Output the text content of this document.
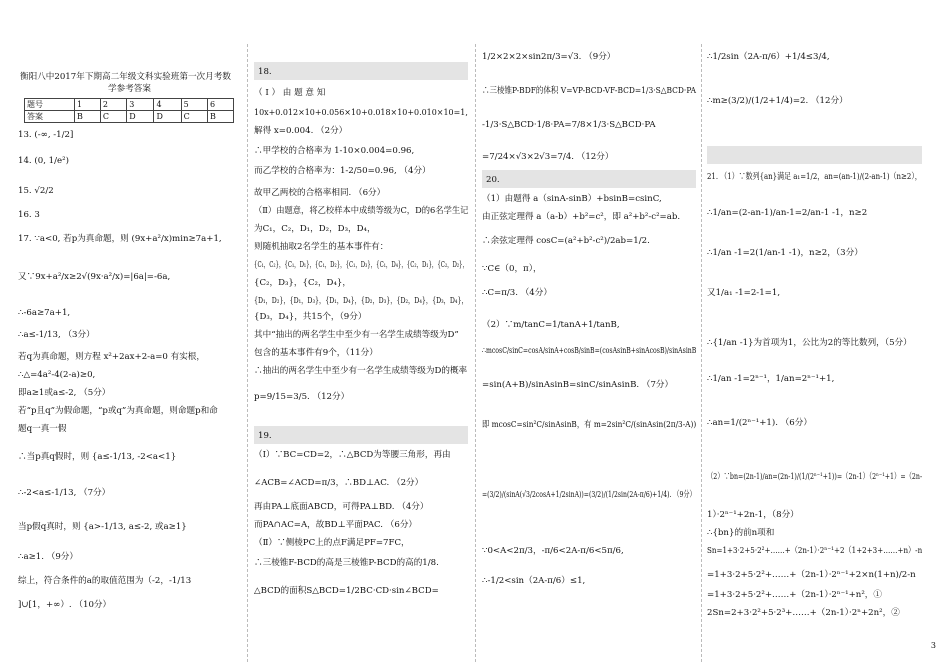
衡阳八中2017年下期高二年级文科实验班第一次月考数
学参考答案
题号	1	2	3	4	5	6
答案	B	C	D	D	C	B
13. (-∞, -1/2]
14. (0, 1/e²)
15. √2/2
16. 3
17. ∵a<0, 若p为真命题，则 (9x+a²/x)min≥7a+1,
又∵9x+a²/x≥2√(9x·a²/x)=|6a|=-6a,
∴-6a≥7a+1,
∴a≤-1/13, （3分）
若q为真命题，则方程 x²+2ax+2-a=0 有实根，
∴△=4a²-4(2-a)≥0,
即a≥1或a≤-2, （5分）
若“p且q”为假命题，“p或q”为真命题，则命题p和命
题q一真一假
∴当p真q假时，则 {a≤-1/13, -2<a<1}
∴-2<a≤-1/13, （7分）
当p假q真时，则 {a>-1/13, a≤-2, 或a≥1}
∴a≥1. （9分）
综上，符合条件的a的取值范围为（-2，-1/13
]∪[1，+∞）. （10分）
18.
（ Ⅰ ） 由 题 意 知
10x+0.012×10+0.056×10+0.018×10+0.010×10=1,
解得 x=0.004. （2分）
∴甲学校的合格率为 1-10×0.004=0.96,
而乙学校的合格率为：1-2/50=0.96, （4分）
故甲乙两校的合格率相同. （6分）
（Ⅱ）由题意，将乙校样本中成绩等级为C，D的6名学生记
为C₁，C₂，D₁，D₂，D₃，D₄，
则随机抽取2名学生的基本事件有：
{C₁，C₂}，{C₁，D₁}，{C₁，D₂}，{C₁，D₃}，{C₁，D₄}，{C₂，D₁}，{C₂，D₂}，
{C₂，D₃}，{C₂，D₄}，
{D₁，D₂}，{D₁，D₃}，{D₁，D₄}，{D₂，D₃}，{D₂，D₄}，{D₃，D₄}，
{D₃，D₄}，共15个，（9分）
其中“抽出的两名学生中至少有一名学生成绩等级为D”
包含的基本事件有9个，（11分）
∴抽出的两名学生中至少有一名学生成绩等级为D的概率
p=9/15=3/5. （12分）
19.
（Ⅰ）∵BC=CD=2，∴△BCD为等腰三角形，再由
∠ACB=∠ACD=π/3，∴BD⊥AC. （2分）
再由PA⊥底面ABCD，可得PA⊥BD. （4分）
而PA∩AC=A，故BD⊥平面PAC. （6分）
（Ⅱ）∵侧棱PC上的点F满足PF=7FC，
∴三棱锥F-BCD的高是三棱锥P-BCD的高的1/8.
△BCD的面积S△BCD=1/2BC·CD·sin∠BCD=
1/2×2×2×sin2π/3=√3. （9分）
∴三棱锥P-BDF的体积 V=VP-BCD-VF-BCD=1/3·S△BCD·PA
-1/3·S△BCD·1/8·PA=7/8×1/3·S△BCD·PA
=7/24×√3×2√3=7/4. （12分）
20.
（1）由题得 a（sinA-sinB）+bsinB=csinC,
由正弦定理得 a（a-b）+b²=c²，即 a²+b²-c²=ab.
∴余弦定理得 cosC=(a²+b²-c²)/2ab=1/2.
∵C∈（0，π），
∴C=π/3. （4分）
（2）∵m/tanC=1/tanA+1/tanB,
∴mcosC/sinC=cosA/sinA+cosB/sinB=(cosAsinB+sinAcosB)/sinAsinB
=sin(A+B)/sinAsinB=sinC/sinAsinB. （7分）
即 mcosC=sin²C/sinAsinB，有 m=2sin²C/(sinAsin(2π/3-A))
=(3/2)/(sinA(√3/2cosA+1/2sinA))=(3/2)/(1/2sin(2A-π/6)+1/4). （9分）
∵0<A<2π/3，-π/6<2A-π/6<5π/6,
∴-1/2<sin（2A-π/6）≤1,
∴1/2sin（2A-π/6）+1/4≤3/4,
∴m≥(3/2)/(1/2+1/4)=2. （12分）
21. （1）∵数列{an}满足 a₁=1/2，an=(an-1)/(2-an-1)（n≥2），
∴1/an=(2-an-1)/an-1=2/an-1 -1，n≥2
∴1/an -1=2(1/an-1 -1)，n≥2，（3分）
又1/a₁ -1=2-1=1,
∴{1/an -1}为首项为1，公比为2的等比数列，（5分）
∴1/an -1=2ⁿ⁻¹，1/an=2ⁿ⁻¹+1,
∴an=1/(2ⁿ⁻¹+1). （6分）
（2）∵bn=(2n-1)/an=(2n-1)/(1/(2ⁿ⁻¹+1))=（2n-1）（2ⁿ⁻¹+1）=（2n-
1）·2ⁿ⁻¹+2n-1，（8分）
∴{bn}的前n项和
Sn=1+3·2+5·2²+……+（2n-1）·2ⁿ⁻¹+2（1+2+3+……+n）-n
=1+3·2+5·2²+……+（2n-1）·2ⁿ⁻¹+2×n(1+n)/2-n
=1+3·2+5·2²+……+（2n-1）·2ⁿ⁻¹+n²，①
2Sn=2+3·2²+5·2³+……+（2n-1）·2ⁿ+2n²，②
3
